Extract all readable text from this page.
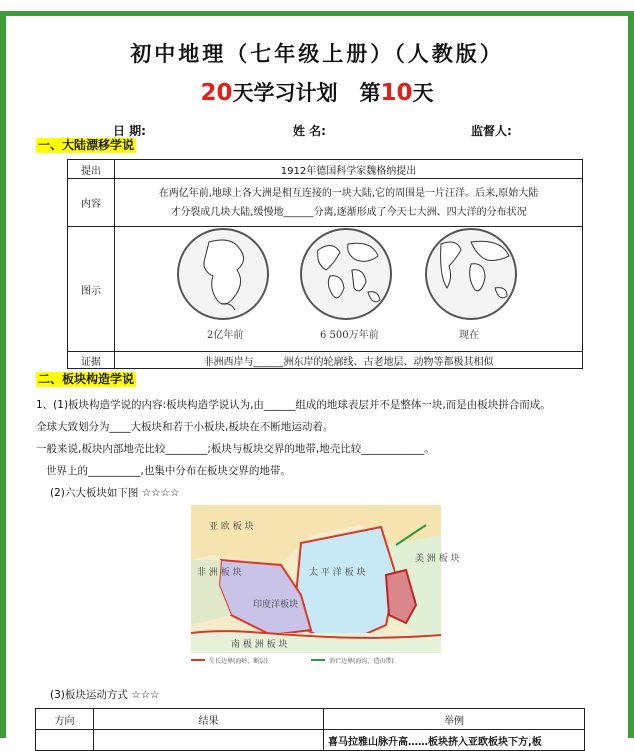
初中地理（七年级上册）（人教版）
20天学习计划 第10天
日 期:	姓 名:	监督人:
一、大陆漂移学说
提出	1912年德国科学家魏格纳提出
内容	在两亿年前,地球上各大洲是相互连接的一块大陆,它的周围是一片汪洋。后来,原始大陆
才分裂成几块大陆,缓慢地______分离,逐渐形成了今天七大洲、四大洋的分布状况

图示	2亿年前 6 500万年前 现在

证据	非洲西岸与______洲东岸的轮廓线、古老地层、动物等都极其相似
二、板块构造学说
1、(1)板块构造学说的内容:板块构造学说认为,由______组成的地球表层并不是整体一块,而是由板块拼合而成。
全球大致划分为____大板块和若干小板块,板块在不断地运动着。
一般来说,板块内部地壳比较________;板块与板块交界的地带,地壳比较____________。
世界上的__________,也集中分布在板块交界的地带。
(2)六大板块如下图 ☆☆☆☆
亚 欧 板 块
太 平 洋 板 块
印度洋板块
非 洲 板 块
美 洲 板 块
南 极 洲 板 块
生长边界(海岭、断层)	消亡边界(海沟、造山带)
(3)板块运动方式 ☆☆☆
方向	结果	举例
		喜马拉雅山脉升高……板块挤入亚欧板块下方,板
